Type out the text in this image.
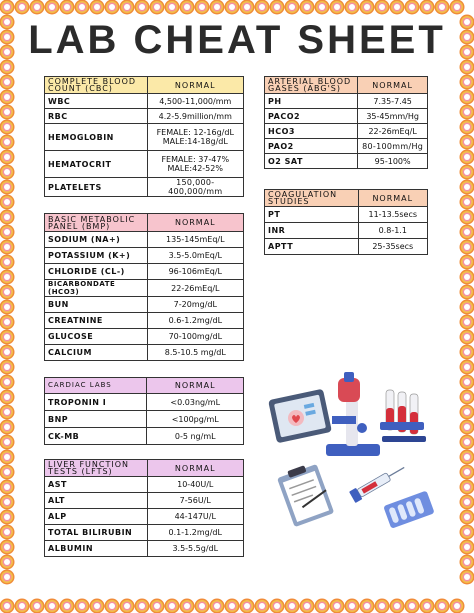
LAB CHEAT SHEET
COMPLETE BLOOD COUNT (CBC)	NORMAL
WBC	4,500-11,000/mm
RBC	4.2-5.9million/mm
HEMOGLOBIN	FEMALE: 12-16g/dL
MALE:14-18g/dL

HEMATOCRIT	FEMALE: 37-47%
MALE:42-52%

PLATELETS	150,000-400,000/mm
BASIC METABOLIC PANEL (BMP)	NORMAL
SODIUM (NA+)	135-145mEq/L
POTASSIUM (K+)	3.5-5.0mEq/L
CHLORIDE (CL-)	96-106mEq/L
BICARBONDATE (HCO3)	22-26mEq/L
BUN	7-20mg/dL
CREATNINE	0.6-1.2mg/dL
GLUCOSE	70-100mg/dL
CALCIUM	8.5-10.5 mg/dL
CARDIAC LABS	NORMAL
TROPONIN I	<0.03ng/mL
BNP	<100pg/mL
CK-MB	0-5 ng/mL
LIVER FUNCTION TESTS (LFTS)	NORMAL
AST	10-40U/L
ALT	7-56U/L
ALP	44-147U/L
TOTAL BILIRUBIN	0.1-1.2mg/dL
ALBUMIN	3.5-5.5g/dL
ARTERIAL BLOOD GASES (ABG'S)	NORMAL
PH	7.35-7.45
PACO2	35-45mm/Hg
HCO3	22-26mEq/L
PAO2	80-100mm/Hg
O2 SAT	95-100%
COAGULATION STUDIES	NORMAL
PT	11-13.5secs
INR	0.8-1.1
APTT	25-35secs
